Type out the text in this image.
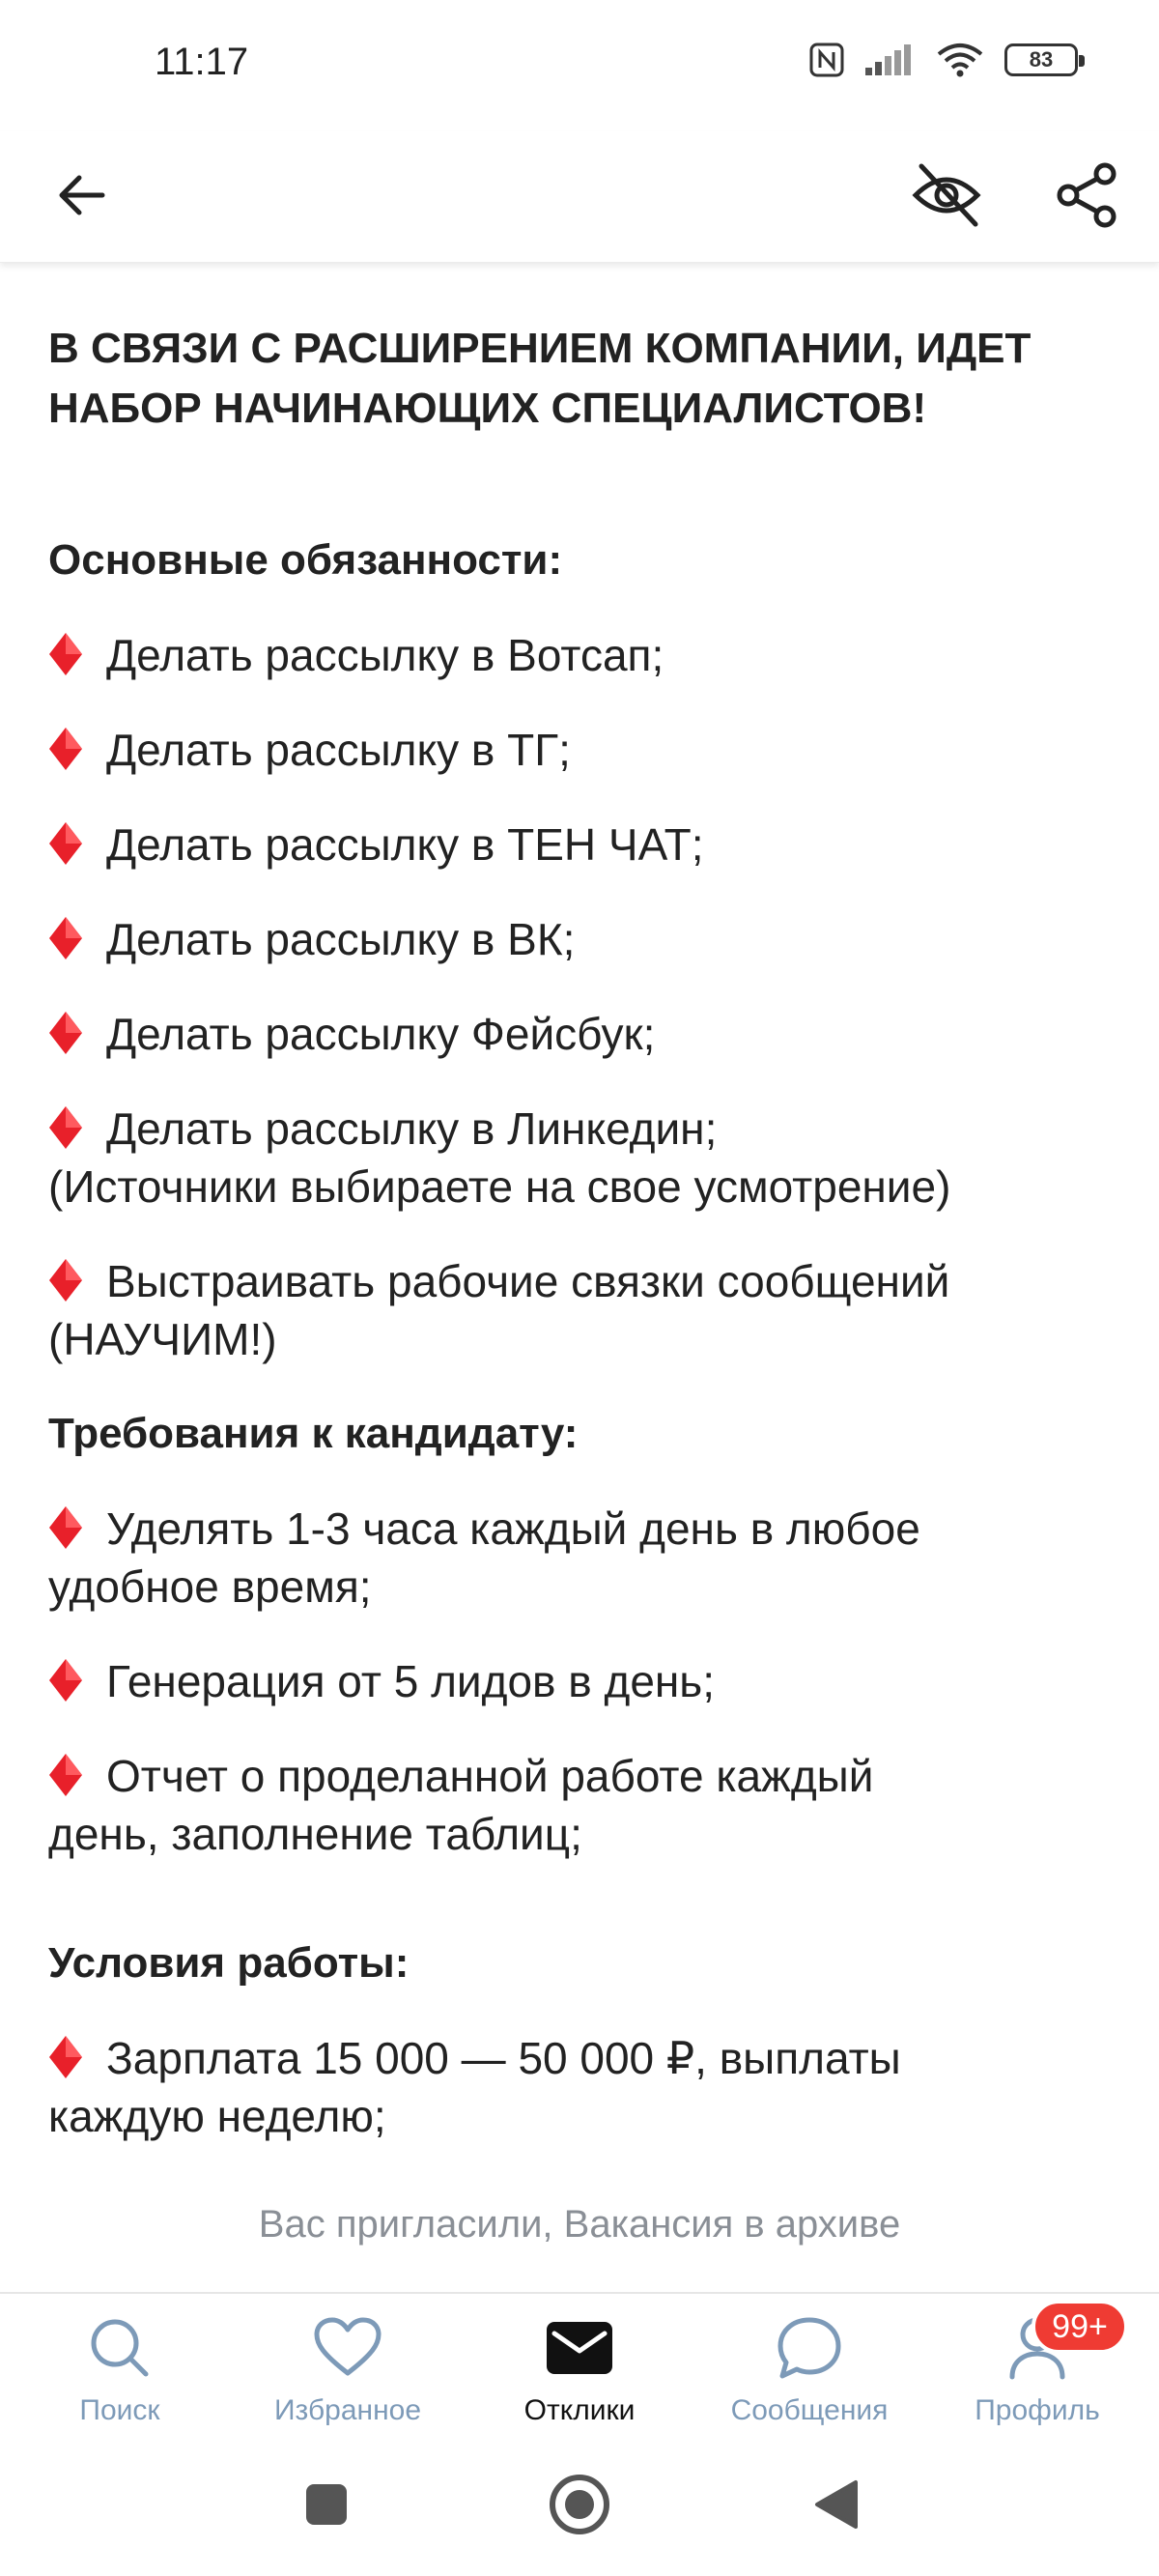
11:17	83
В СВЯЗИ С РАСШИРЕНИЕМ КОМПАНИИ, ИДЕТ НАБОР НАЧИНАЮЩИХ СПЕЦИАЛИСТОВ!
Основные обязанности:
Делать рассылку в Вотсап;
Делать рассылку в ТГ;
Делать рассылку в ТЕН ЧАТ;
Делать рассылку в ВК;
Делать рассылку Фейсбук;
Делать рассылку в Линкедин;
(Источники выбираете на свое усмотрение)
Выстраивать рабочие связки сообщений
(НАУЧИМ!)
Требования к кандидату:
Уделять 1-3 часа каждый день в любое
удобное время;
Генерация от 5 лидов в день;
Отчет о проделанной работе каждый
день, заполнение таблиц;
Условия работы:
Зарплата 15 000 — 50 000 ₽, выплаты
каждую неделю;
Вас пригласили, Вакансия в архиве
Поиск	Избранное	Отклики	Сообщения	Профиль
99+
